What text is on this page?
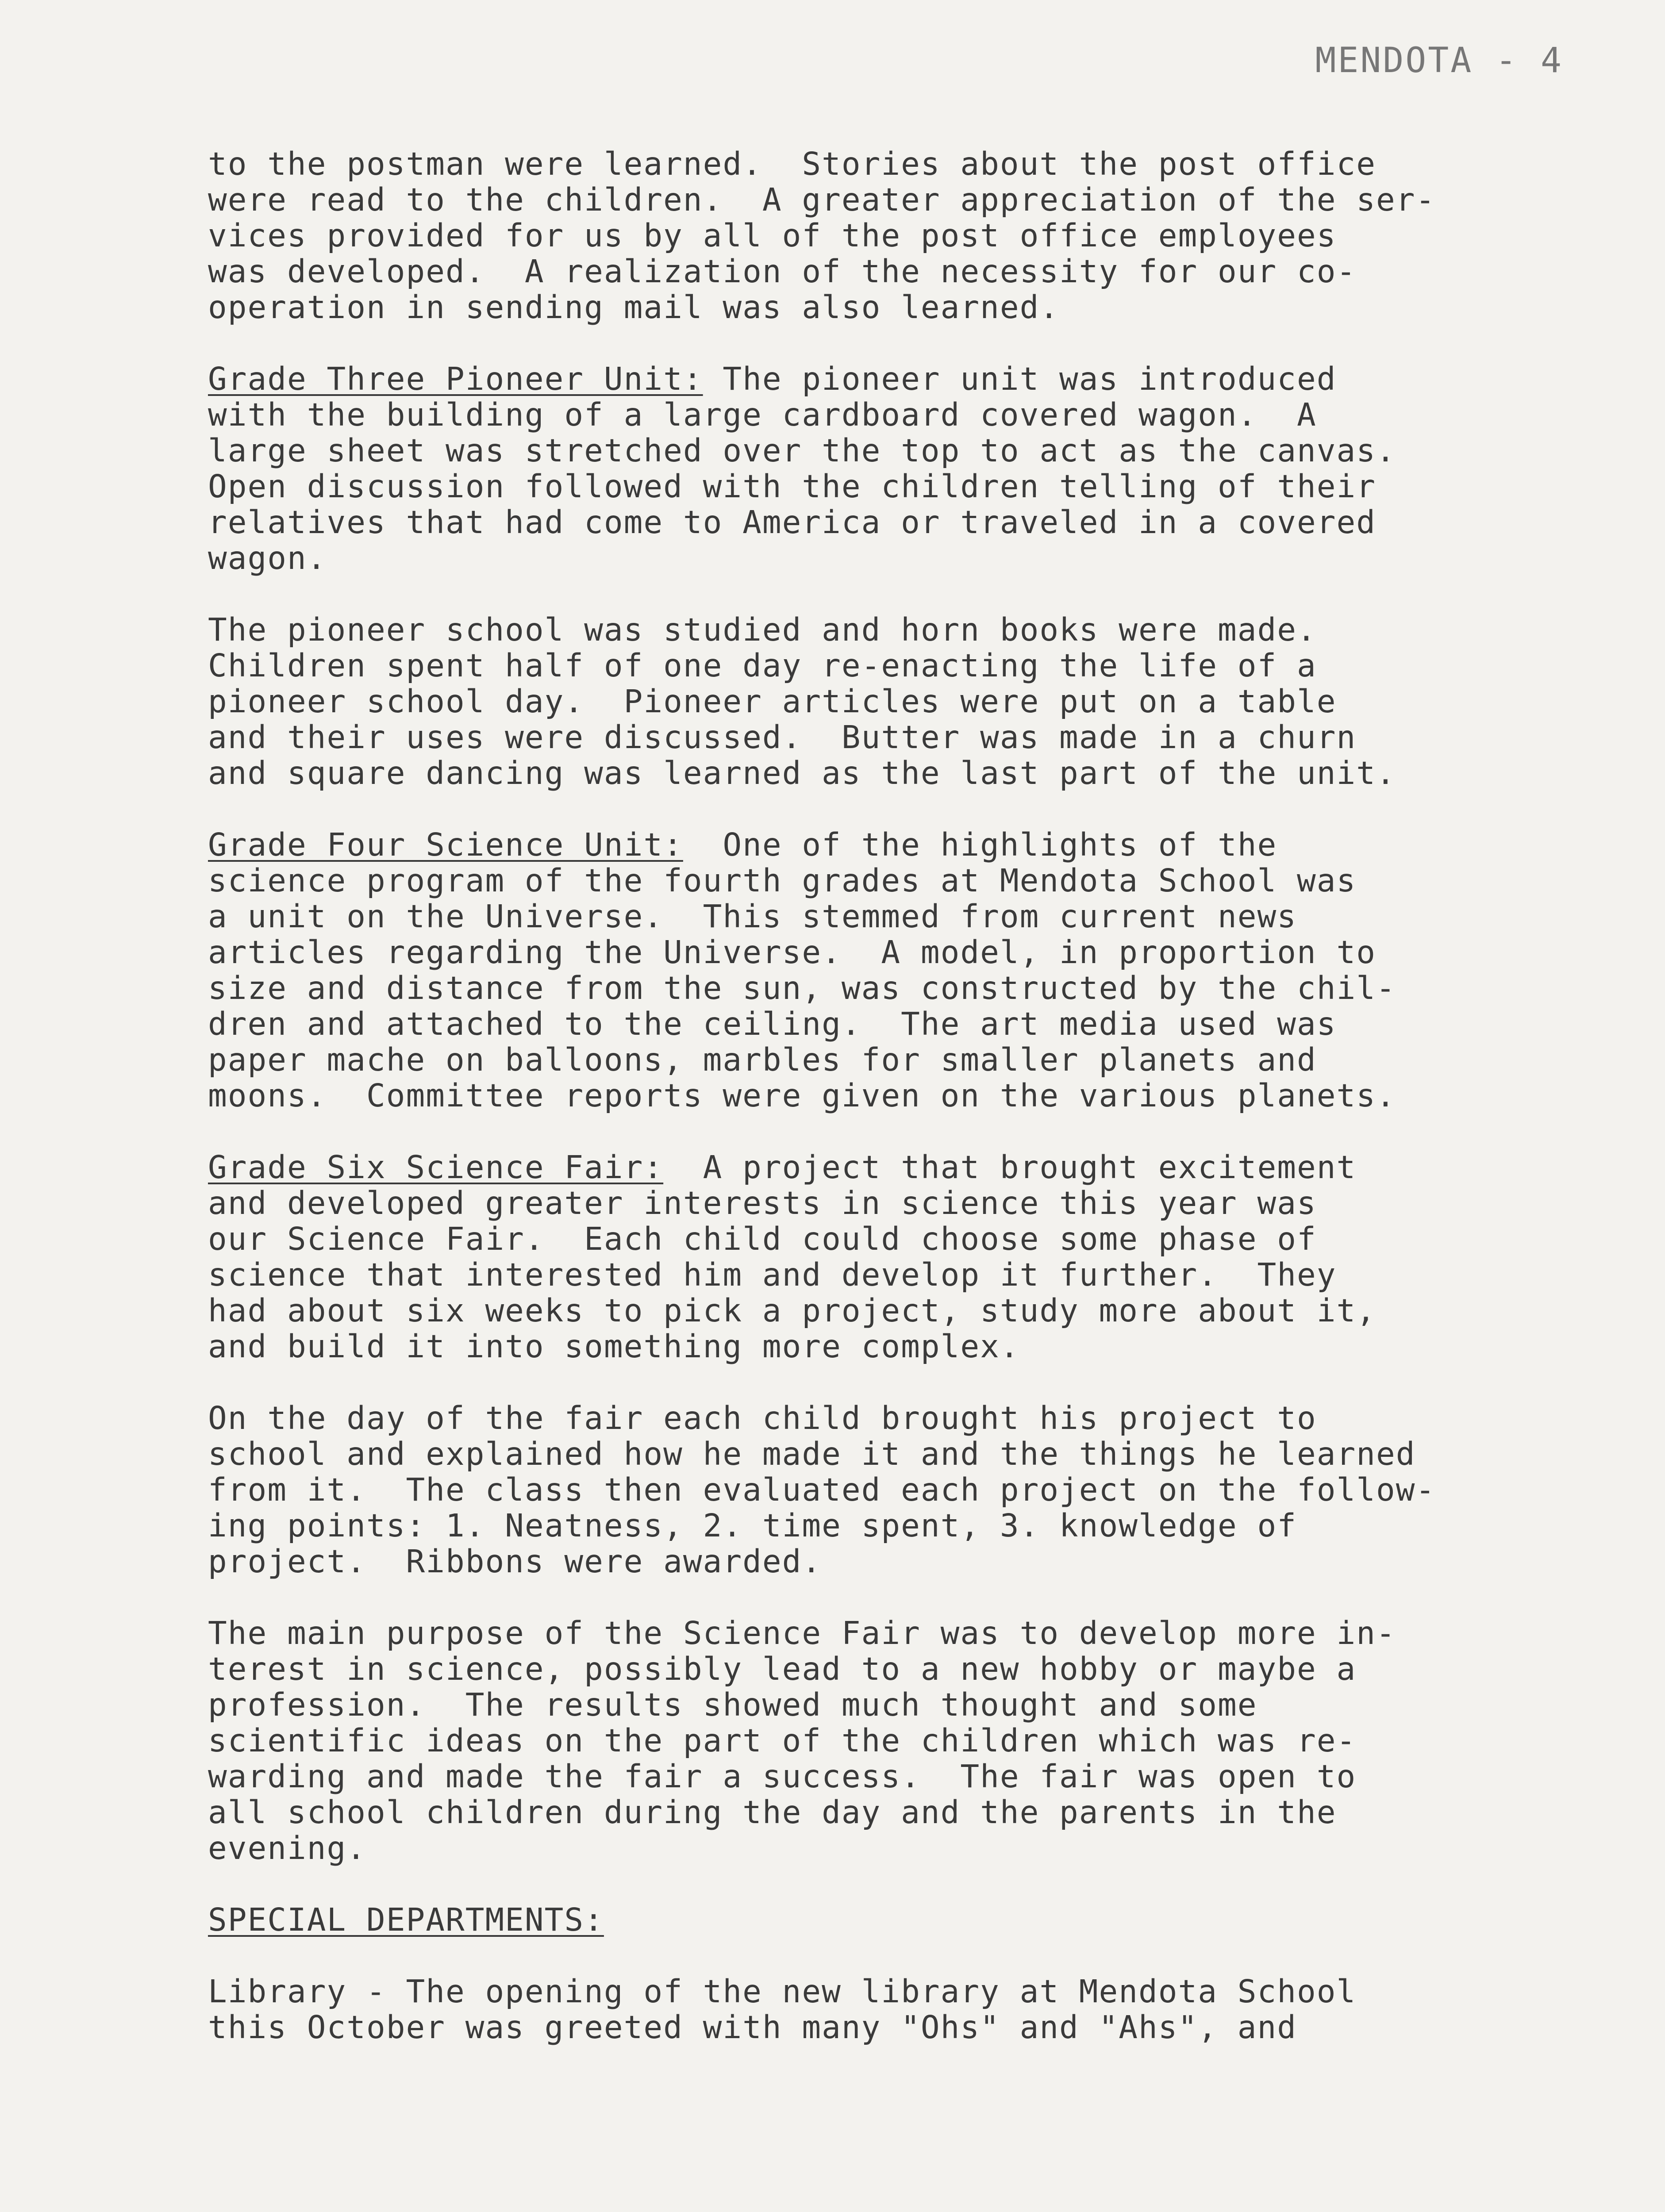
MENDOTA - 4
to the postman were learned.  Stories about the post office
were read to the children.  A greater appreciation of the ser-
vices provided for us by all of the post office employees
was developed.  A realization of the necessity for our co-
operation in sending mail was also learned.
Grade Three Pioneer Unit: The pioneer unit was introduced
with the building of a large cardboard covered wagon.  A
large sheet was stretched over the top to act as the canvas.
Open discussion followed with the children telling of their
relatives that had come to America or traveled in a covered
wagon.
The pioneer school was studied and horn books were made.
Children spent half of one day re-enacting the life of a
pioneer school day.  Pioneer articles were put on a table
and their uses were discussed.  Butter was made in a churn
and square dancing was learned as the last part of the unit.
Grade Four Science Unit:  One of the highlights of the
science program of the fourth grades at Mendota School was
a unit on the Universe.  This stemmed from current news
articles regarding the Universe.  A model, in proportion to
size and distance from the sun, was constructed by the chil-
dren and attached to the ceiling.  The art media used was
paper mache on balloons, marbles for smaller planets and
moons.  Committee reports were given on the various planets.
Grade Six Science Fair:  A project that brought excitement
and developed greater interests in science this year was
our Science Fair.  Each child could choose some phase of
science that interested him and develop it further.  They
had about six weeks to pick a project, study more about it,
and build it into something more complex.
On the day of the fair each child brought his project to
school and explained how he made it and the things he learned
from it.  The class then evaluated each project on the follow-
ing points: 1. Neatness, 2. time spent, 3. knowledge of
project.  Ribbons were awarded.
The main purpose of the Science Fair was to develop more in-
terest in science, possibly lead to a new hobby or maybe a
profession.  The results showed much thought and some
scientific ideas on the part of the children which was re-
warding and made the fair a success.  The fair was open to
all school children during the day and the parents in the
evening.
SPECIAL DEPARTMENTS:
Library - The opening of the new library at Mendota School
this October was greeted with many "Ohs" and "Ahs", and
